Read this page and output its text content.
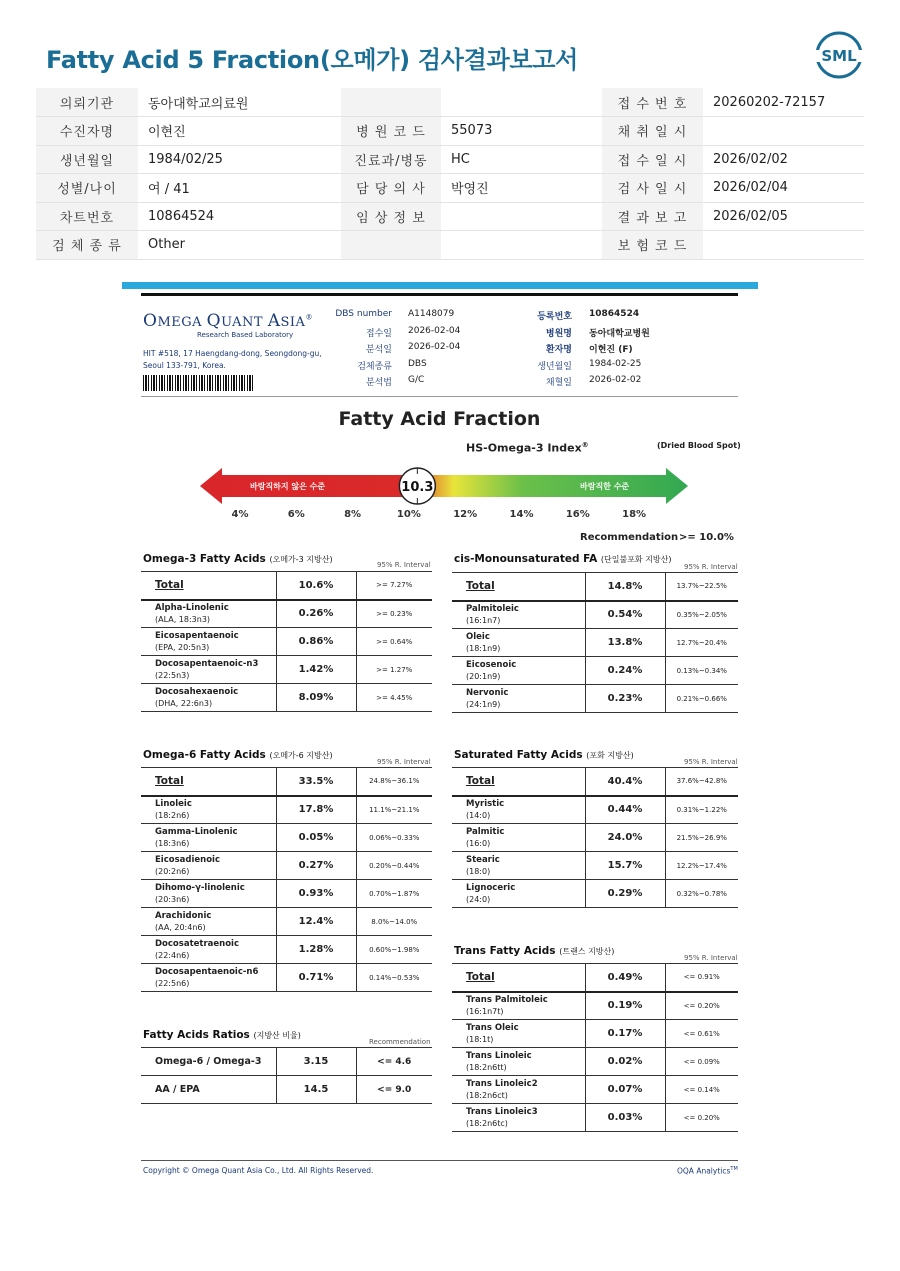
Fatty Acid 5 Fraction(오메가) 검사결과보고서	SML
의뢰기관	동아대학교의료원			접 수 번 호	20260202-72157
수진자명	이현진	병 원 코 드	55073	채 취 일 시	
생년월일	1984/02/25	진료과/병동	HC	접 수 일 시	2026/02/02
성별/나이	여 / 41	담 당 의 사	박영진	검 사 일 시	2026/02/04
차트번호	10864524	임 상 정 보		결 과 보 고	2026/02/05
검 체 종 류	Other			보 험 코 드	
OMEGA QUANT ASIA®
Research Based Laboratory
HIT #518, 17 Haengdang-dong, Seongdong-gu, Seoul 133-791, Korea.
DBS number A1148079
접수일 2026-02-04
분석일 2026-02-04
검체종류 DBS
분석법 G/C
등록번호 10864524
병원명 동아대학교병원
환자명 이현진 (F)
생년월일 1984-02-25
채혈일 2026-02-02
Fatty Acid Fraction
HS-Omega-3 Index®	(Dried Blood Spot)
10.3
바람직하지 않은 수준	바람직한 수준
4%	6%	8%	10%	12%	14%	16%	18%
Recommendation >= 10.0%
Omega-3 Fatty Acids (오메가-3 지방산)
95% R. Interval
Total	10.6%	>= 7.27%

Alpha-Linolenic
(ALA, 18:3n3)	0.26%	>= 0.23%

Eicosapentaenoic
(EPA, 20:5n3)	0.86%	>= 0.64%

Docosapentaenoic-n3
(22:5n3)	1.42%	>= 1.27%

Docosahexaenoic
(DHA, 22:6n3)	8.09%	>= 4.45%
cis-Monounsaturated FA (단일불포화 지방산)
95% R. Interval
Total	14.8%	13.7%~22.5%

Palmitoleic
(16:1n7)	0.54%	0.35%~2.05%

Oleic
(18:1n9)	13.8%	12.7%~20.4%

Eicosenoic
(20:1n9)	0.24%	0.13%~0.34%

Nervonic
(24:1n9)	0.23%	0.21%~0.66%
Omega-6 Fatty Acids (오메가-6 지방산)
95% R. Interval
Total	33.5%	24.8%~36.1%

Linoleic
(18:2n6)	17.8%	11.1%~21.1%

Gamma-Linolenic
(18:3n6)	0.05%	0.06%~0.33%

Eicosadienoic
(20:2n6)	0.27%	0.20%~0.44%

Dihomo-γ-linolenic
(20:3n6)	0.93%	0.70%~1.87%

Arachidonic
(AA, 20:4n6)	12.4%	8.0%~14.0%

Docosatetraenoic
(22:4n6)	1.28%	0.60%~1.98%

Docosapentaenoic-n6
(22:5n6)	0.71%	0.14%~0.53%
Saturated Fatty Acids (포화 지방산)
95% R. Interval
Total	40.4%	37.6%~42.8%

Myristic
(14:0)	0.44%	0.31%~1.22%

Palmitic
(16:0)	24.0%	21.5%~26.9%

Stearic
(18:0)	15.7%	12.2%~17.4%

Lignoceric
(24:0)	0.29%	0.32%~0.78%
Trans Fatty Acids (트랜스 지방산)
95% R. Interval
Total	0.49%	<= 0.91%

Trans Palmitoleic
(16:1n7t)	0.19%	<= 0.20%

Trans Oleic
(18:1t)	0.17%	<= 0.61%

Trans Linoleic
(18:2n6tt)	0.02%	<= 0.09%

Trans Linoleic2
(18:2n6ct)	0.07%	<= 0.14%

Trans Linoleic3
(18:2n6tc)	0.03%	<= 0.20%
Fatty Acids Ratios (지방산 비율)
Recommendation
Omega-6 / Omega-3	3.15	<= 4.6

AA / EPA	14.5	<= 9.0
Copyright © Omega Quant Asia Co., Ltd. All Rights Reserved.	OQA Analytics™
